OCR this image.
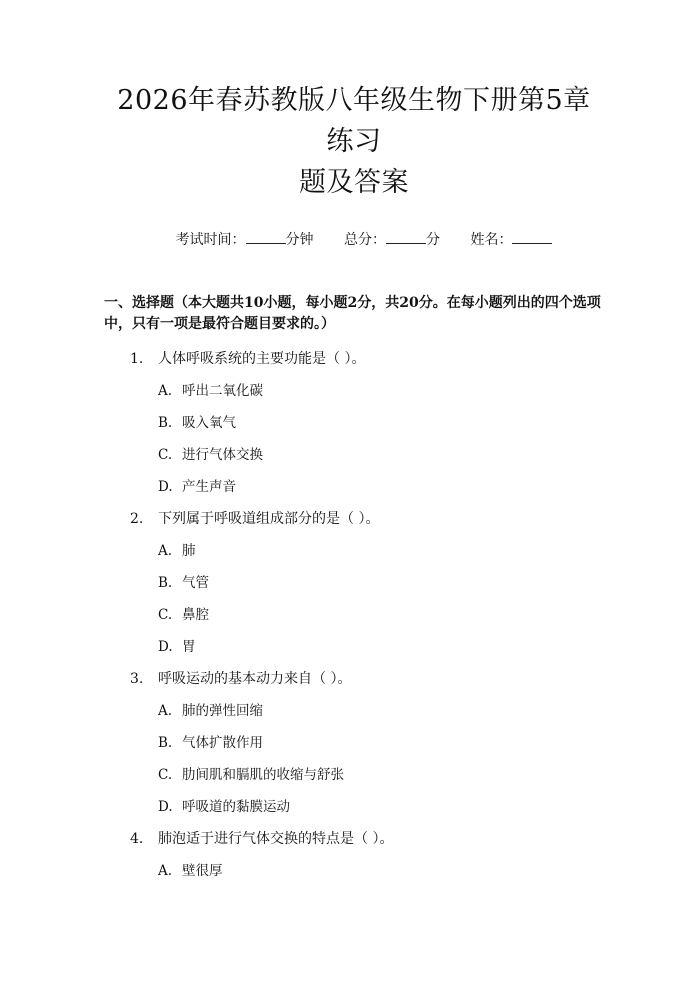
2026年春苏教版八年级生物下册第5章练习
题及答案
考试时间：	分钟 总分：	分 姓名：
一、选择题（本大题共10小题，每小题2分，共20分。在每小题列出的四个选项中，只有一项是最符合题目要求的。）
1.	人体呼吸系统的主要功能是（ ）。
A. 呼出二氧化碳
B. 吸入氧气
C. 进行气体交换
D. 产生声音
2.	下列属于呼吸道组成部分的是（ ）。
A. 肺
B. 气管
C. 鼻腔
D. 胃
3.	呼吸运动的基本动力来自（ ）。
A. 肺的弹性回缩
B. 气体扩散作用
C. 肋间肌和膈肌的收缩与舒张
D. 呼吸道的黏膜运动
4.	肺泡适于进行气体交换的特点是（ ）。
A. 壁很厚
